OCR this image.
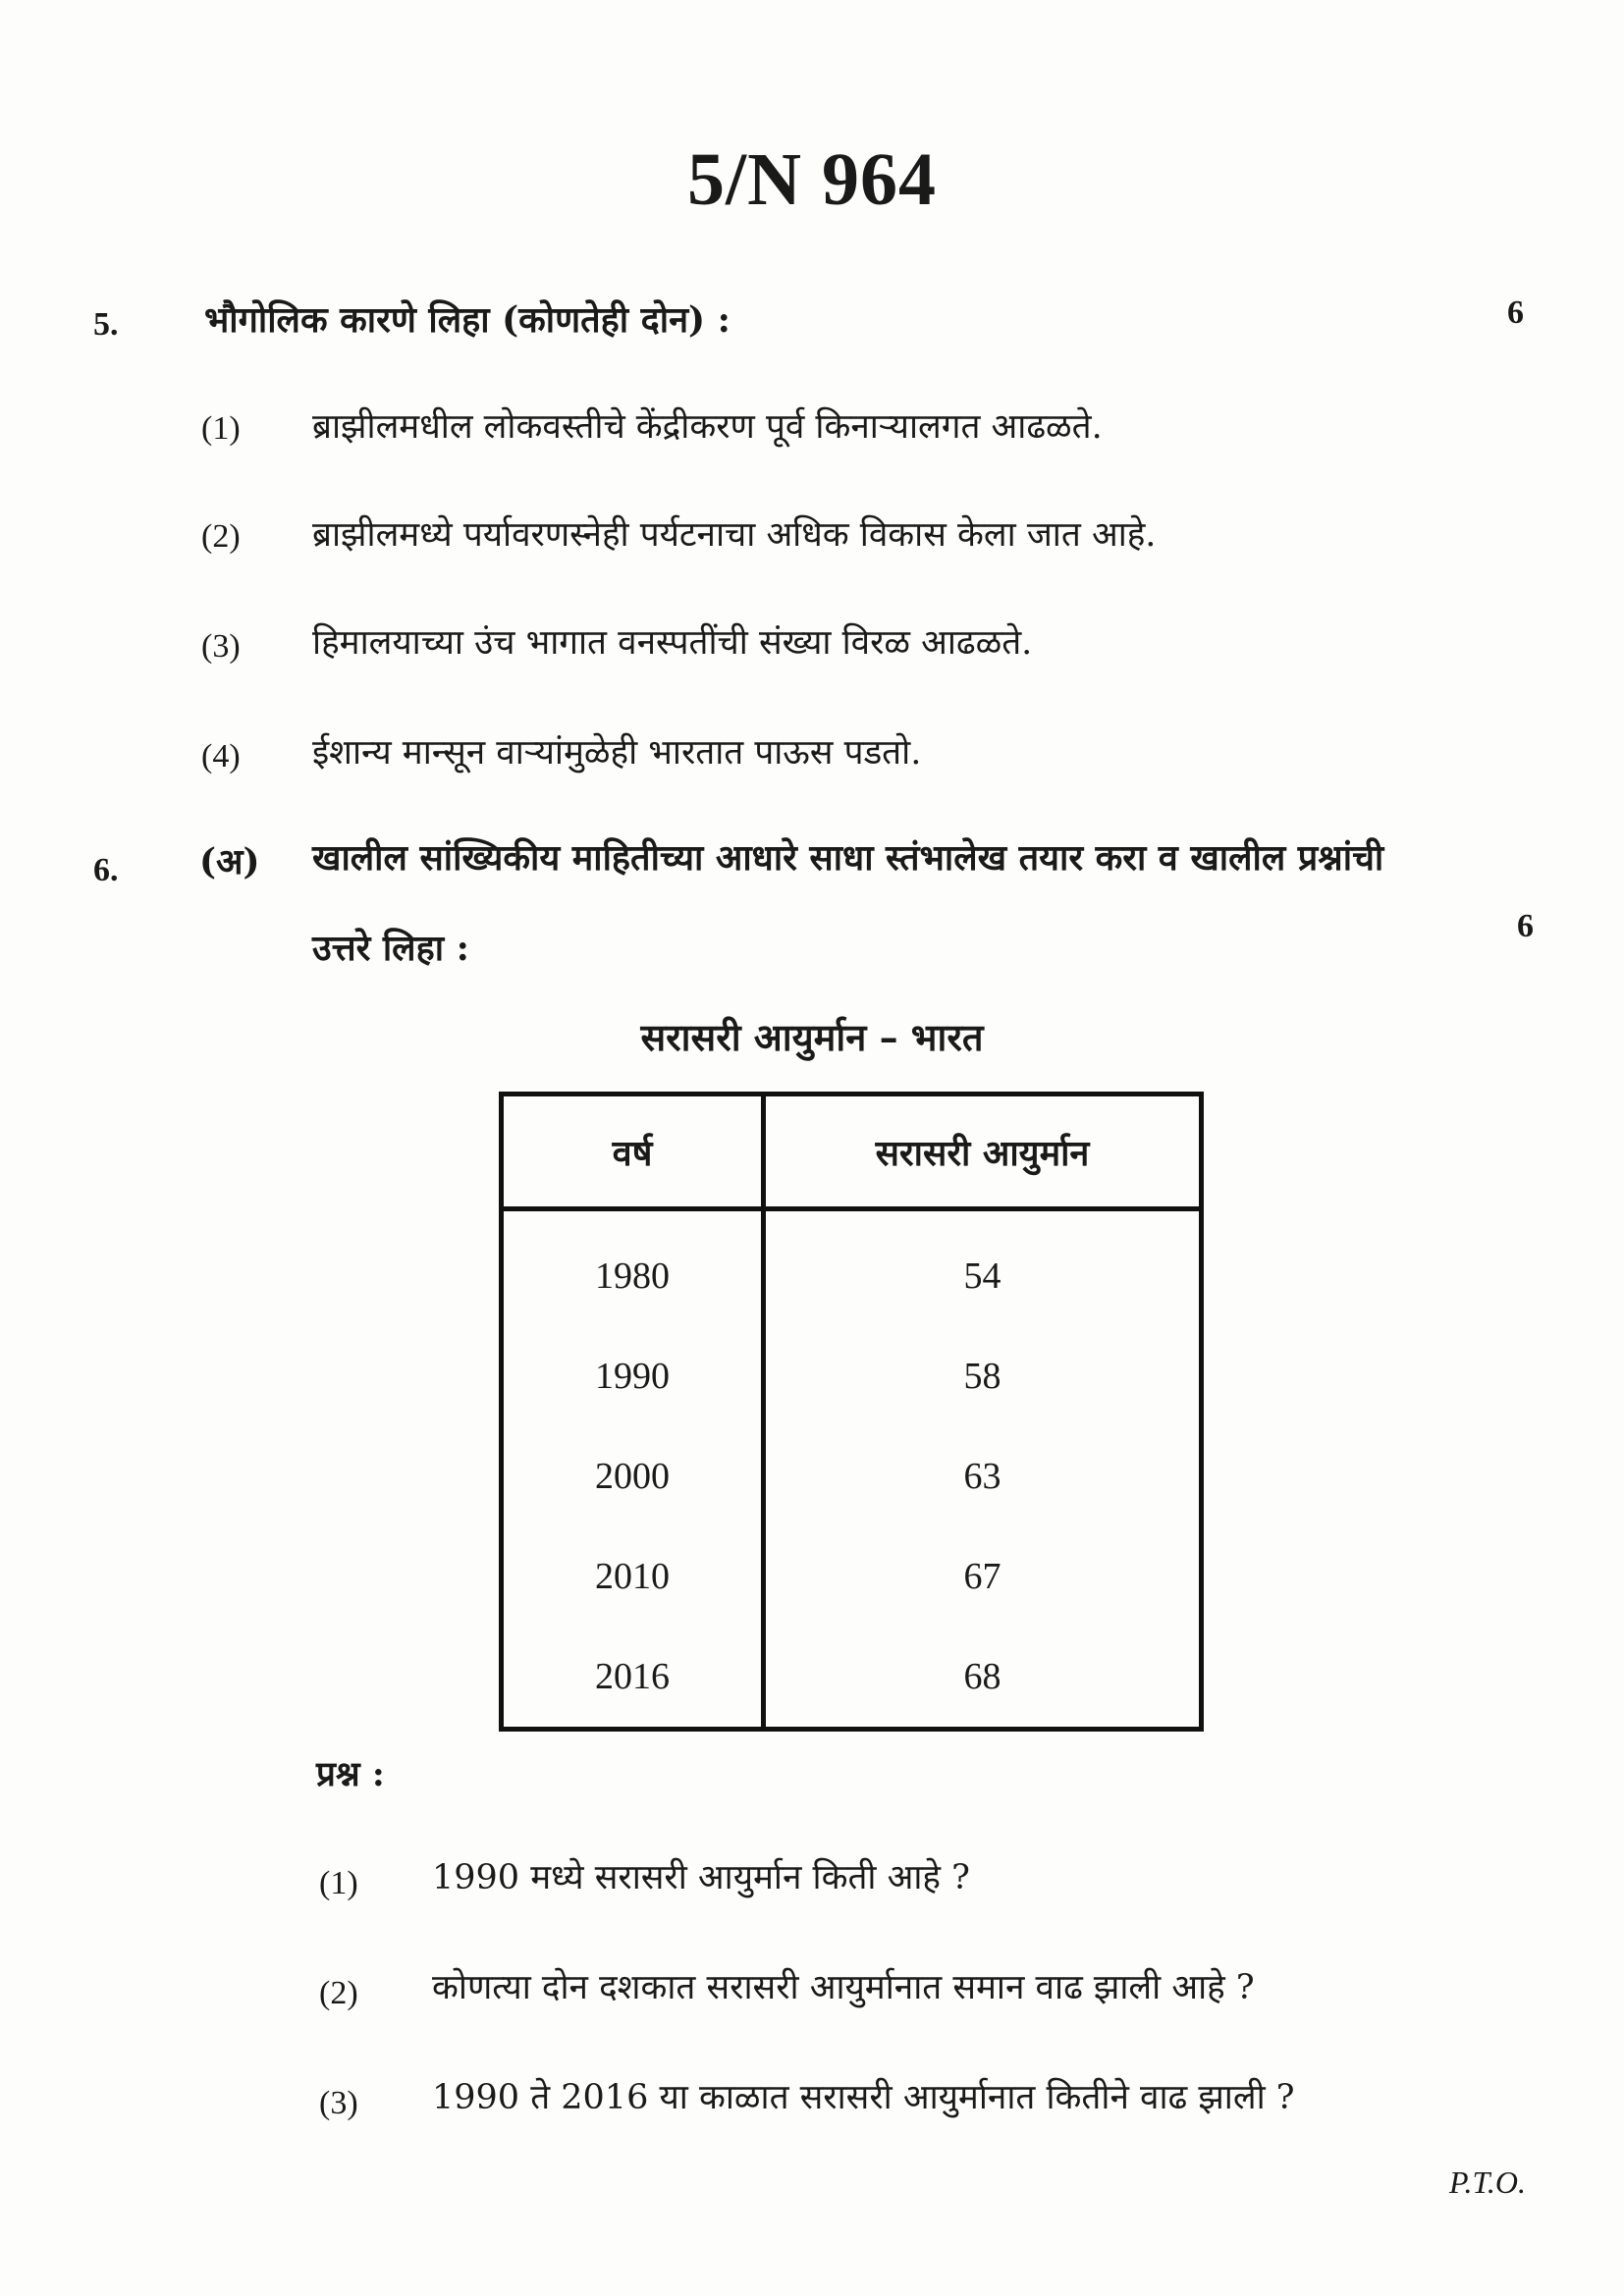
5/N 964
5. भौगोलिक कारणे लिहा (कोणतेही दोन) :	6
(1) ब्राझीलमधील लोकवस्तीचे केंद्रीकरण पूर्व किनाऱ्यालगत आढळते.
(2) ब्राझीलमध्ये पर्यावरणस्नेही पर्यटनाचा अधिक विकास केला जात आहे.
(3) हिमालयाच्या उंच भागात वनस्पतींची संख्या विरळ आढळते.
(4) ईशान्य मान्सून वाऱ्यांमुळेही भारतात पाऊस पडतो.
6. (अ) खालील सांख्यिकीय माहितीच्या आधारे साधा स्तंभालेख तयार करा व खालील प्रश्नांची
उत्तरे लिहा :
6
सरासरी आयुर्मान – भारत
वर्ष	सरासरी आयुर्मान
1980	54
1990	58
2000	63
2010	67
2016	68
प्रश्न :
(1) 1990 मध्ये सरासरी आयुर्मान किती आहे ?
(2) कोणत्या दोन दशकात सरासरी आयुर्मानात समान वाढ झाली आहे ?
(3) 1990 ते 2016 या काळात सरासरी आयुर्मानात कितीने वाढ झाली ?
P.T.O.
